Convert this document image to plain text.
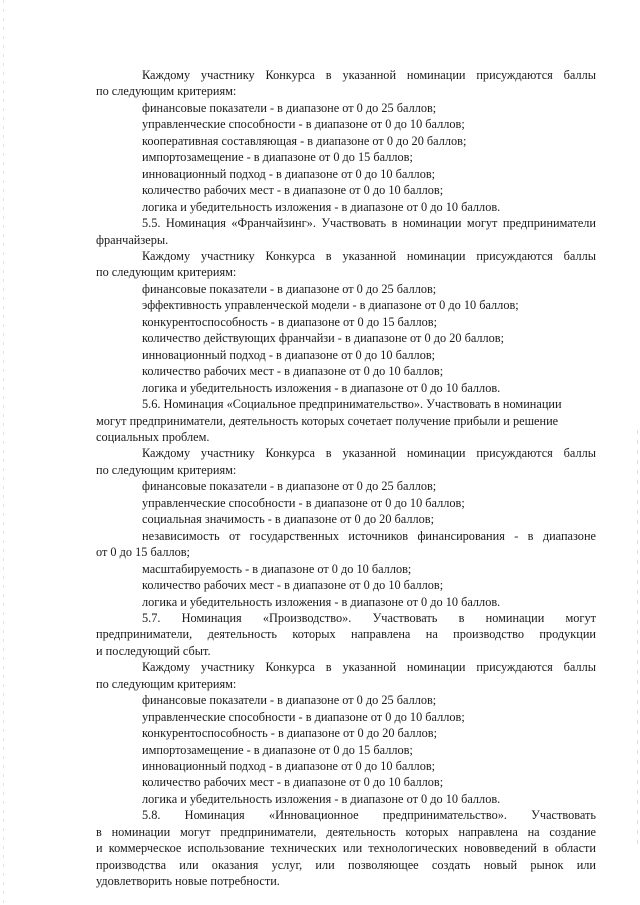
Каждому участнику Конкурса в указанной номинации присуждаются баллы
по следующим критериям:
финансовые показатели - в диапазоне от 0 до 25 баллов;
управленческие способности - в диапазоне от 0 до 10 баллов;
кооперативная составляющая - в диапазоне от 0 до 20 баллов;
импортозамещение - в диапазоне от 0 до 15 баллов;
инновационный подход - в диапазоне от 0 до 10 баллов;
количество рабочих мест - в диапазоне от 0 до 10 баллов;
логика и убедительность изложения - в диапазоне от 0 до 10 баллов.
5.5. Номинация «Франчайзинг». Участвовать в номинации могут предприниматели
франчайзеры.
Каждому участнику Конкурса в указанной номинации присуждаются баллы
по следующим критериям:
финансовые показатели - в диапазоне от 0 до 25 баллов;
эффективность управленческой модели - в диапазоне от 0 до 10 баллов;
конкурентоспособность - в диапазоне от 0 до 15 баллов;
количество действующих франчайзи - в диапазоне от 0 до 20 баллов;
инновационный подход - в диапазоне от 0 до 10 баллов;
количество рабочих мест - в диапазоне от 0 до 10 баллов;
логика и убедительность изложения - в диапазоне от 0 до 10 баллов.
5.6. Номинация «Социальное предпринимательство». Участвовать в номинации
могут предприниматели, деятельность которых сочетает получение прибыли и решение
социальных проблем.
Каждому участнику Конкурса в указанной номинации присуждаются баллы
по следующим критериям:
финансовые показатели - в диапазоне от 0 до 25 баллов;
управленческие способности - в диапазоне от 0 до 10 баллов;
социальная значимость - в диапазоне от 0 до 20 баллов;
независимость от государственных источников финансирования - в диапазоне
от 0 до 15 баллов;
масштабируемость - в диапазоне от 0 до 10 баллов;
количество рабочих мест - в диапазоне от 0 до 10 баллов;
логика и убедительность изложения - в диапазоне от 0 до 10 баллов.
5.7. Номинация «Производство». Участвовать в номинации могут
предприниматели, деятельность которых направлена на производство продукции
и последующий сбыт.
Каждому участнику Конкурса в указанной номинации присуждаются баллы
по следующим критериям:
финансовые показатели - в диапазоне от 0 до 25 баллов;
управленческие способности - в диапазоне от 0 до 10 баллов;
конкурентоспособность - в диапазоне от 0 до 20 баллов;
импортозамещение - в диапазоне от 0 до 15 баллов;
инновационный подход - в диапазоне от 0 до 10 баллов;
количество рабочих мест - в диапазоне от 0 до 10 баллов;
логика и убедительность изложения - в диапазоне от 0 до 10 баллов.
5.8. Номинация «Инновационное предпринимательство». Участвовать
в номинации могут предприниматели, деятельность которых направлена на создание
и коммерческое использование технических или технологических нововведений в области
производства или оказания услуг, или позволяющее создать новый рынок или
удовлетворить новые потребности.
